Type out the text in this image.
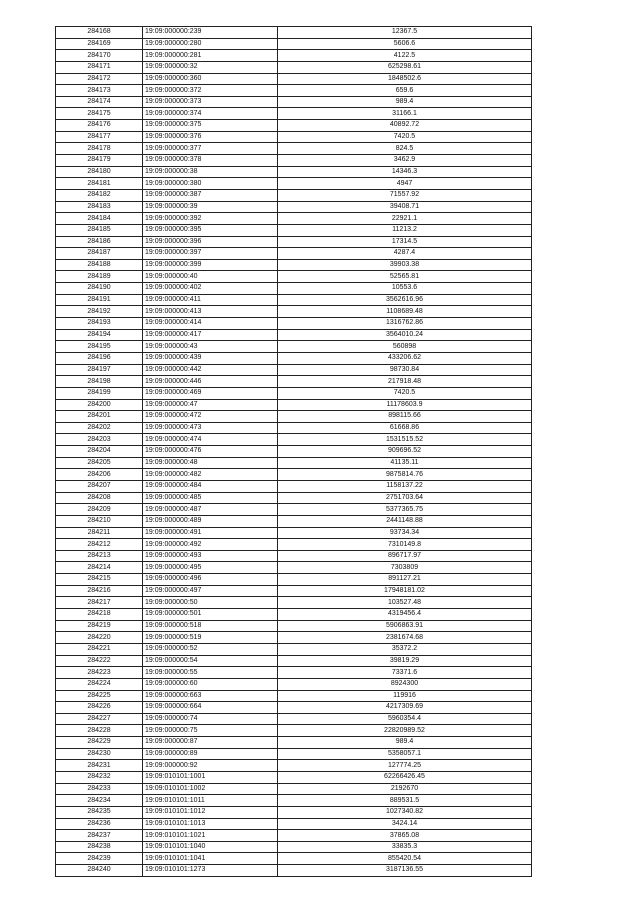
284168	19:09:000000:239	12367.5
284169	19:09:000000:280	5606.6
284170	19:09:000000:281	4122.5
284171	19:09:000000:32	625298.61
284172	19:09:000000:360	1848502.6
284173	19:09:000000:372	659.6
284174	19:09:000000:373	989.4
284175	19:09:000000:374	31166.1
284176	19:09:000000:375	40892.72
284177	19:09:000000:376	7420.5
284178	19:09:000000:377	824.5
284179	19:09:000000:378	3462.9
284180	19:09:000000:38	14346.3
284181	19:09:000000:380	4947
284182	19:09:000000:387	71557.92
284183	19:09:000000:39	39408.71
284184	19:09:000000:392	22921.1
284185	19:09:000000:395	11213.2
284186	19:09:000000:396	17314.5
284187	19:09:000000:397	4287.4
284188	19:09:000000:399	39903.38
284189	19:09:000000:40	52565.81
284190	19:09:000000:402	10553.6
284191	19:09:000000:411	3562616.96
284192	19:09:000000:413	1108689.48
284193	19:09:000000:414	1316762.86
284194	19:09:000000:417	3564010.24
284195	19:09:000000:43	560898
284196	19:09:000000:439	433206.62
284197	19:09:000000:442	98730.84
284198	19:09:000000:446	217918.48
284199	19:09:000000:469	7420.5
284200	19:09:000000:47	11178603.9
284201	19:09:000000:472	898115.66
284202	19:09:000000:473	61668.86
284203	19:09:000000:474	1531515.52
284204	19:09:000000:476	909696.52
284205	19:09:000000:48	41135.11
284206	19:09:000000:482	9875814.76
284207	19:09:000000:484	1158137.22
284208	19:09:000000:485	2751703.64
284209	19:09:000000:487	5377365.75
284210	19:09:000000:489	2441148.88
284211	19:09:000000:491	93734.34
284212	19:09:000000:492	7310149.8
284213	19:09:000000:493	896717.97
284214	19:09:000000:495	7303809
284215	19:09:000000:496	891127.21
284216	19:09:000000:497	17948181.02
284217	19:09:000000:50	103527.48
284218	19:09:000000:501	4319456.4
284219	19:09:000000:518	5906863.91
284220	19:09:000000:519	2381674.68
284221	19:09:000000:52	35372.2
284222	19:09:000000:54	39819.29
284223	19:09:000000:55	73371.6
284224	19:09:000000:60	8924300
284225	19:09:000000:663	119916
284226	19:09:000000:664	4217309.69
284227	19:09:000000:74	5960354.4
284228	19:09:000000:75	22820989.52
284229	19:09:000000:87	989.4
284230	19:09:000000:89	5358057.1
284231	19:09:000000:92	127774.25
284232	19:09:010101:1001	62266426.45
284233	19:09:010101:1002	2192670
284234	19:09:010101:1011	889531.5
284235	19:09:010101:1012	1027340.82
284236	19:09:010101:1013	3424.14
284237	19:09:010101:1021	37865.08
284238	19:09:010101:1040	33835.3
284239	19:09:010101:1041	855420.54
284240	19:09:010101:1273	3187136.55
